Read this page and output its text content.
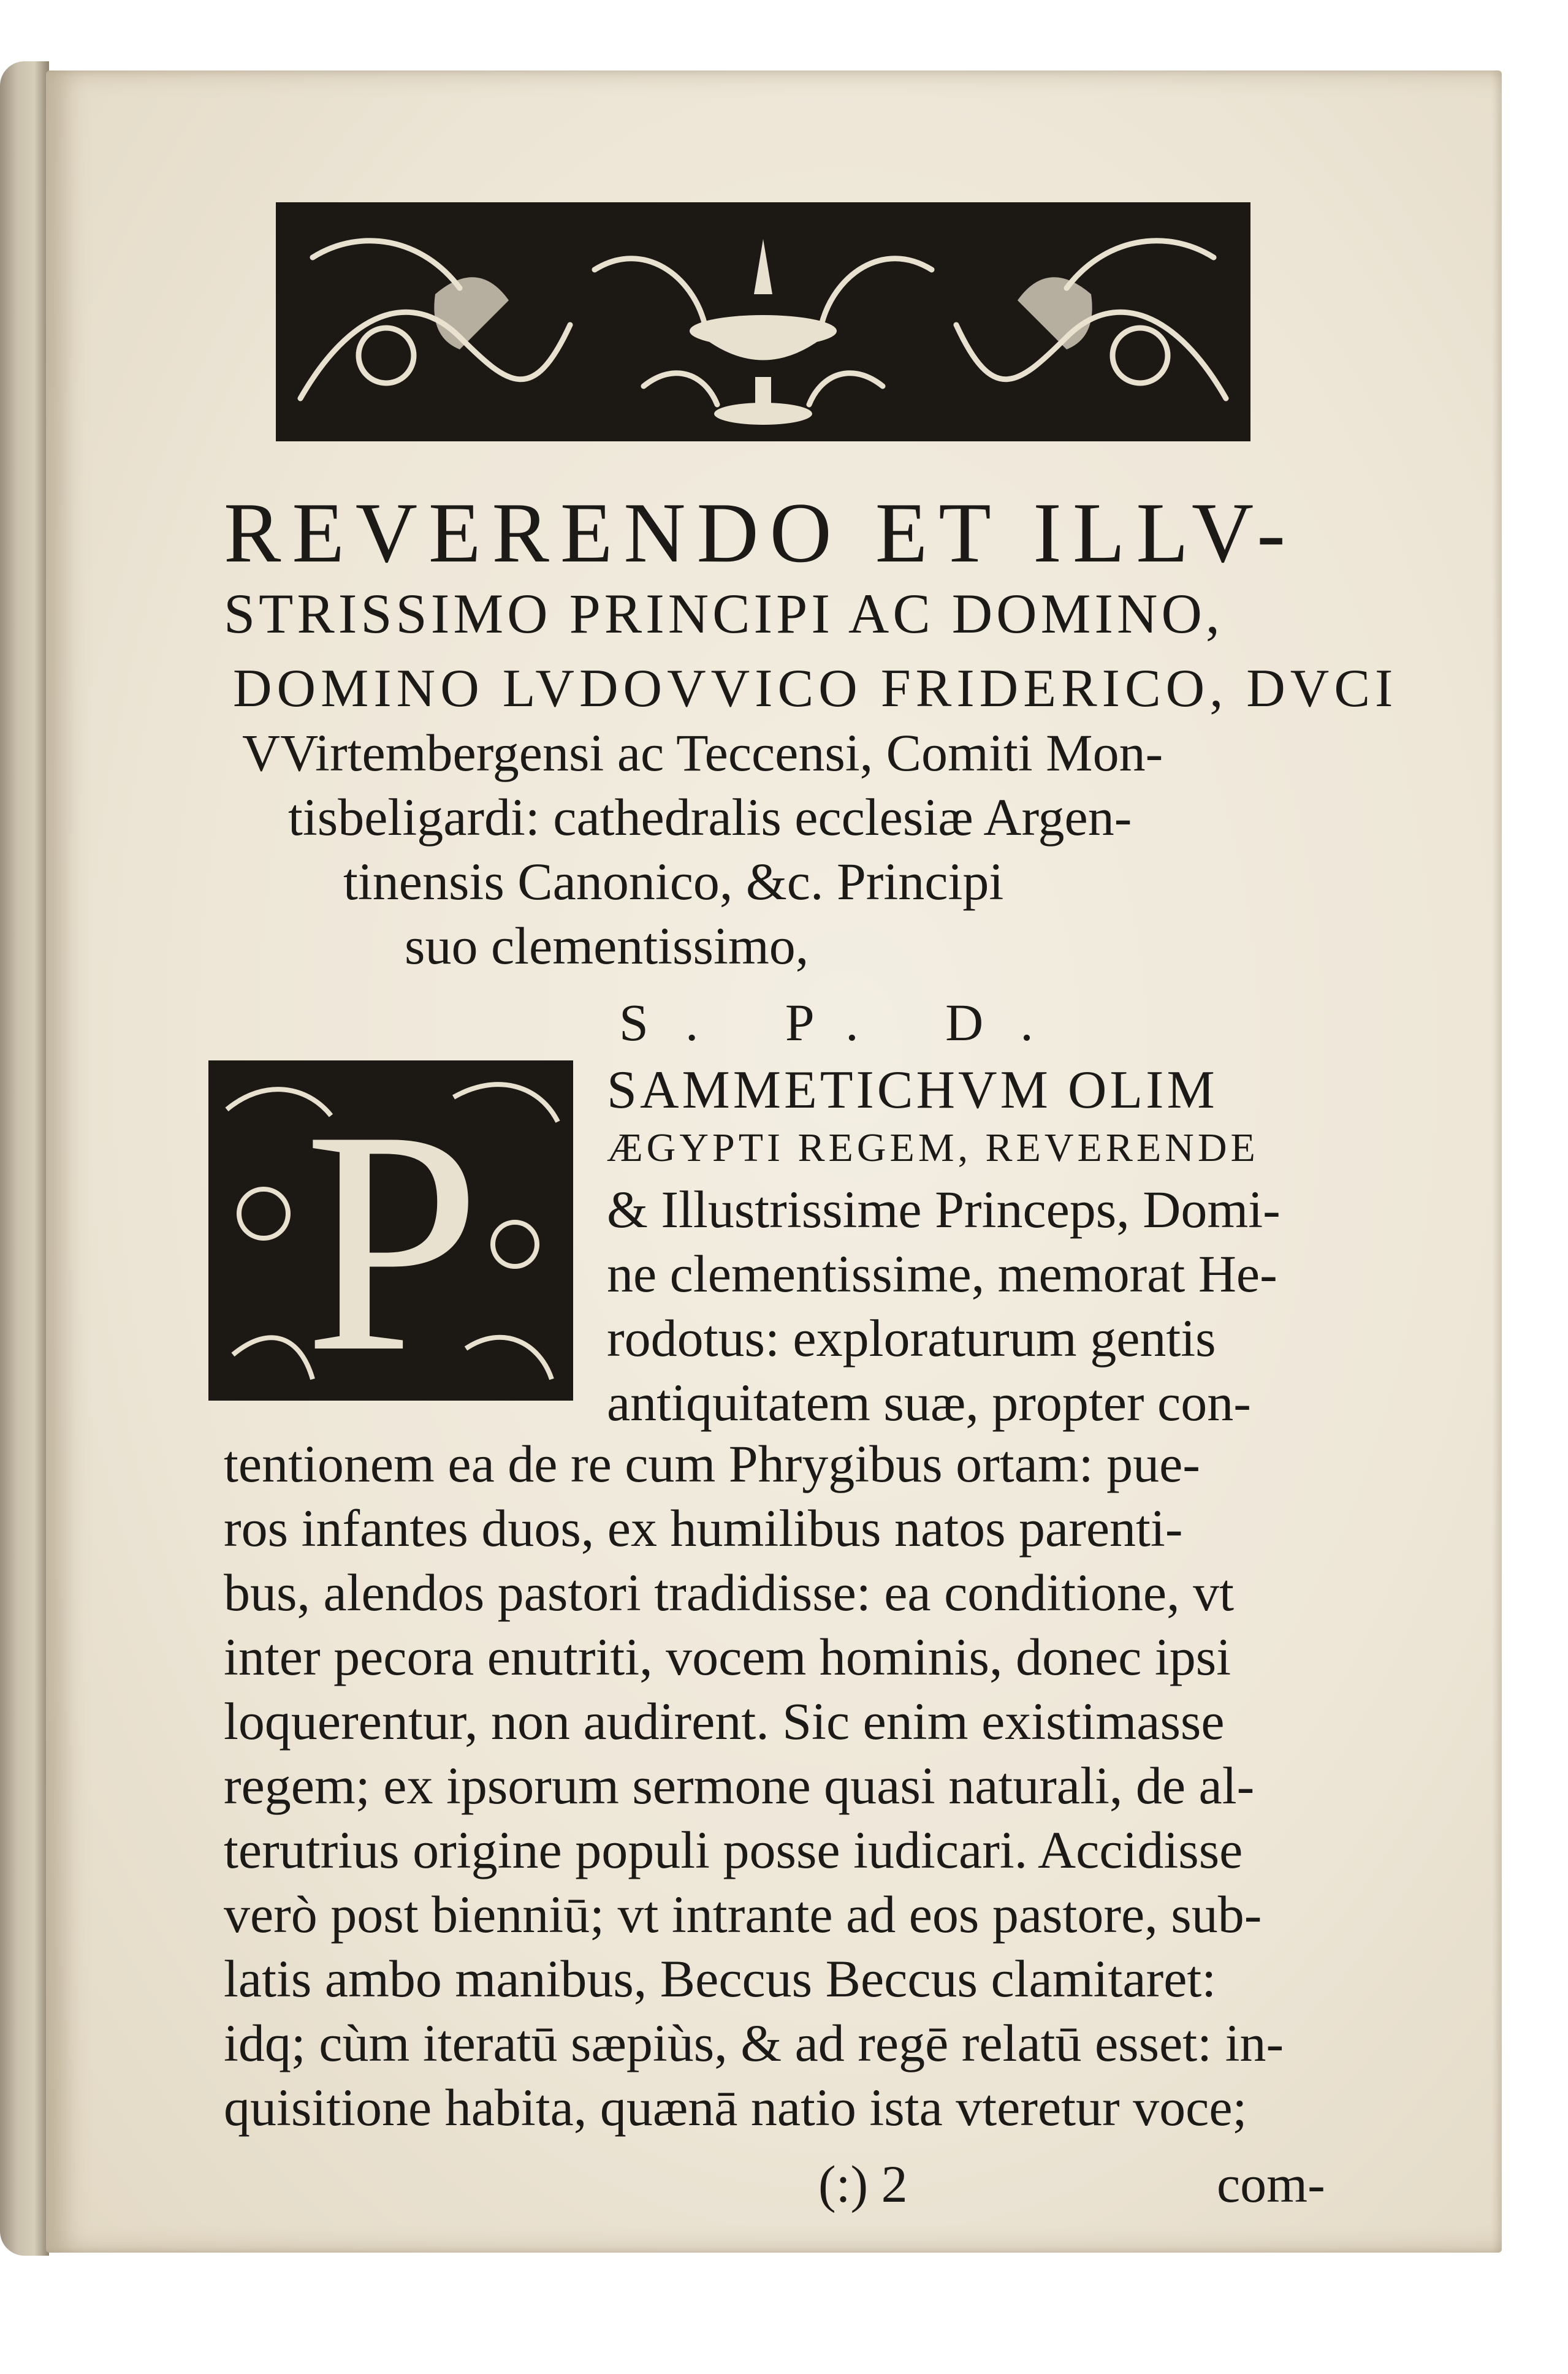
REVERENDO ET ILLV-
STRISSIMO PRINCIPI AC DOMINO,
DOMINO LVDOVVICO FRIDERICO, DVCI
VVirtembergensi ac Teccensi, Comiti Mon-
tisbeligardi: cathedralis ecclesiæ Argen-
tinensis Canonico, &c. Principi
suo clementissimo,
S. P. D.
P SAMMETICHVM OLIM
ÆGYPTI REGEM, REVERENDE
& Illustrissime Princeps, Domi-
ne clementissime, memorat He-
rodotus: exploraturum gentis
antiquitatem suæ, propter con-
tentionem ea de re cum Phrygibus ortam: pue-
ros infantes duos, ex humilibus natos parenti-
bus, alendos pastori tradidisse: ea conditione, vt
inter pecora enutriti, vocem hominis, donec ipsi
loquerentur, non audirent. Sic enim existimasse
regem; ex ipsorum sermone quasi naturali, de al-
terutrius origine populi posse iudicari. Accidisse
verò post bienniū; vt intrante ad eos pastore, sub-
latis ambo manibus, Beccus Beccus clamitaret:
idq; cùm iteratū sæpiùs, & ad regē relatū esset: in-
quisitione habita, quænā natio ista vteretur voce;
(:) 2	com-
